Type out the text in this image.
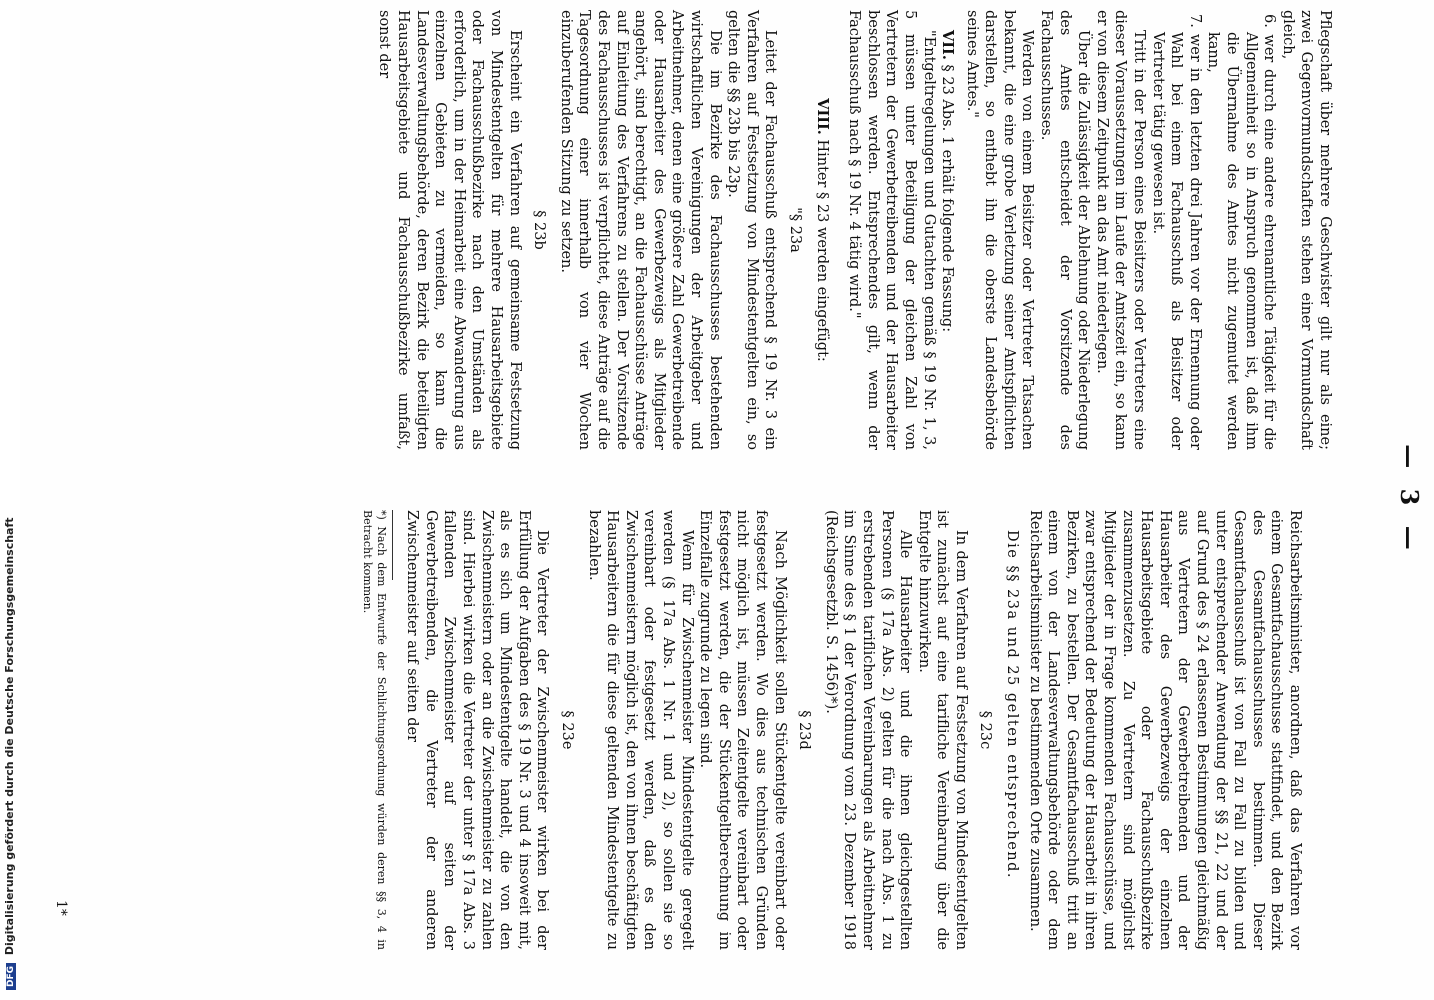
— 3 —

Pflegschaft über mehrere Geschwister gilt nur als eine; zwei Gegenvormundschaften stehen einer Vormundschaft gleich,

6. wer durch eine andere ehrenamtliche Tätigkeit für die Allgemeinheit so in Anspruch genommen ist, daß ihm die Übernahme des Amtes nicht zugemutet werden kann,

7. wer in den letzten drei Jahren vor der Ernennung oder Wahl bei einem Fachausschuß als Beisitzer oder Vertreter tätig gewesen ist.

Tritt in der Person eines Beisitzers oder Vertreters eine dieser Voraussetzungen im Laufe der Amtszeit ein, so kann er von diesem Zeitpunkt an das Amt niederlegen.

Über die Zulässigkeit der Ablehnung oder Niederlegung des Amtes entscheidet der Vorsitzende des Fachausschusses.

Werden von einem Beisitzer oder Vertreter Tatsachen bekannt, die eine grobe Verletzung seiner Amtspflichten darstellen, so enthebt ihn die oberste Landesbehörde seines Amtes."

VII. § 23 Abs. 1 erhält folgende Fassung:

"Entgeltregelungen und Gutachten gemäß § 19 Nr. 1, 3, 5 müssen unter Beteiligung der gleichen Zahl von Vertretern der Gewerbetreibenden und der Hausarbeiter beschlossen werden. Entsprechendes gilt, wenn der Fachausschuß nach § 19 Nr. 4 tätig wird."

VIII. Hinter § 23 werden eingefügt:

"§ 23a

Leitet der Fachausschuß entsprechend § 19 Nr. 3 ein Verfahren auf Festsetzung von Mindestentgelten ein, so gelten die §§ 23b bis 23p.

Die im Bezirke des Fachausschusses bestehenden wirtschaftlichen Vereinigungen der Arbeitgeber und Arbeitnehmer, denen eine größere Zahl Gewerbetreibende oder Hausarbeiter des Gewerbezweigs als Mitglieder angehört, sind berechtigt, an die Fachausschüsse Anträge auf Einleitung des Verfahrens zu stellen. Der Vorsitzende des Fachausschusses ist verpflichtet, diese Anträge auf die Tagesordnung einer innerhalb von vier Wochen einzuberufenden Sitzung zu setzen.

§ 23b

Erscheint ein Verfahren auf gemeinsame Festsetzung von Mindestentgelten für mehrere Hausarbeitsgebiete oder Fachausschußbezirke nach den Umständen als erforderlich, um in der Heimarbeit eine Abwanderung aus einzelnen Gebieten zu vermeiden, so kann die Landesverwaltungsbehörde, deren Bezirk die beteiligten Hausarbeitsgebiete und Fachausschußbezirke umfaßt, sonst der

Reichsarbeitsminister, anordnen, daß das Verfahren vor einem Gesamtfachausschusse stattfindet, und den Bezirk des Gesamtfachausschusses bestimmen. Dieser Gesamtfachausschuß ist von Fall zu Fall zu bilden und unter entsprechender Anwendung der §§ 21, 22 und der auf Grund des § 24 erlassenen Bestimmungen gleichmäßig aus Vertretern der Gewerbetreibenden und der Hausarbeiter des Gewerbezweigs der einzelnen Hausarbeitsgebiete oder Fachausschußbezirke zusammenzusetzen. Zu Vertretern sind möglichst Mitglieder der in Frage kommenden Fachausschüsse, und zwar entsprechend der Bedeutung der Hausarbeit in ihren Bezirken, zu bestellen. Der Gesamtfachausschuß tritt an einem von der Landesverwaltungsbehörde oder dem Reichsarbeitsminister zu bestimmenden Orte zusammen.

Die §§ 23a und 25 gelten entsprechend.

§ 23c

In dem Verfahren auf Festsetzung von Mindestentgelten ist zunächst auf eine tarifliche Vereinbarung über die Entgelte hinzuwirken.

Alle Hausarbeiter und die ihnen gleichgestellten Personen (§ 17a Abs. 2) gelten für die nach Abs. 1 zu erstrebenden tariflichen Vereinbarungen als Arbeitnehmer im Sinne des § 1 der Verordnung vom 23. Dezember 1918 (Reichsgesetzbl. S. 1456)*).

§ 23d

Nach Möglichkeit sollen Stückentgelte vereinbart oder festgesetzt werden. Wo dies aus technischen Gründen nicht möglich ist, müssen Zeitentgelte vereinbart oder festgesetzt werden, die der Stückentgeltberechnung im Einzelfalle zugrunde zu legen sind.

Wenn für Zwischenmeister Mindestentgelte geregelt werden (§ 17a Abs. 1 Nr. 1 und 2), so sollen sie so vereinbart oder festgesetzt werden, daß es den Zwischenmeistern möglich ist, den von ihnen beschäftigten Hausarbeitern die für diese geltenden Mindestentgelte zu bezahlen.

§ 23e

Die Vertreter der Zwischenmeister wirken bei der Erfüllung der Aufgaben des § 19 Nr. 3 und 4 insoweit mit, als es sich um Mindestentgelte handelt, die von den Zwischenmeistern oder an die Zwischenmeister zu zahlen sind. Hierbei wirken die Vertreter der unter § 17a Abs. 3 fallenden Zwischenmeister auf seiten der Gewerbetreibenden, die Vertreter der anderen Zwischenmeister auf seiten der

*) Nach dem Entwurfe der Schlichtungsordnung würden deren §§ 3, 4 in Betracht kommen.

1*
DFG Digitalisierung gefördert durch die Deutsche Forschungsgemeinschaft
